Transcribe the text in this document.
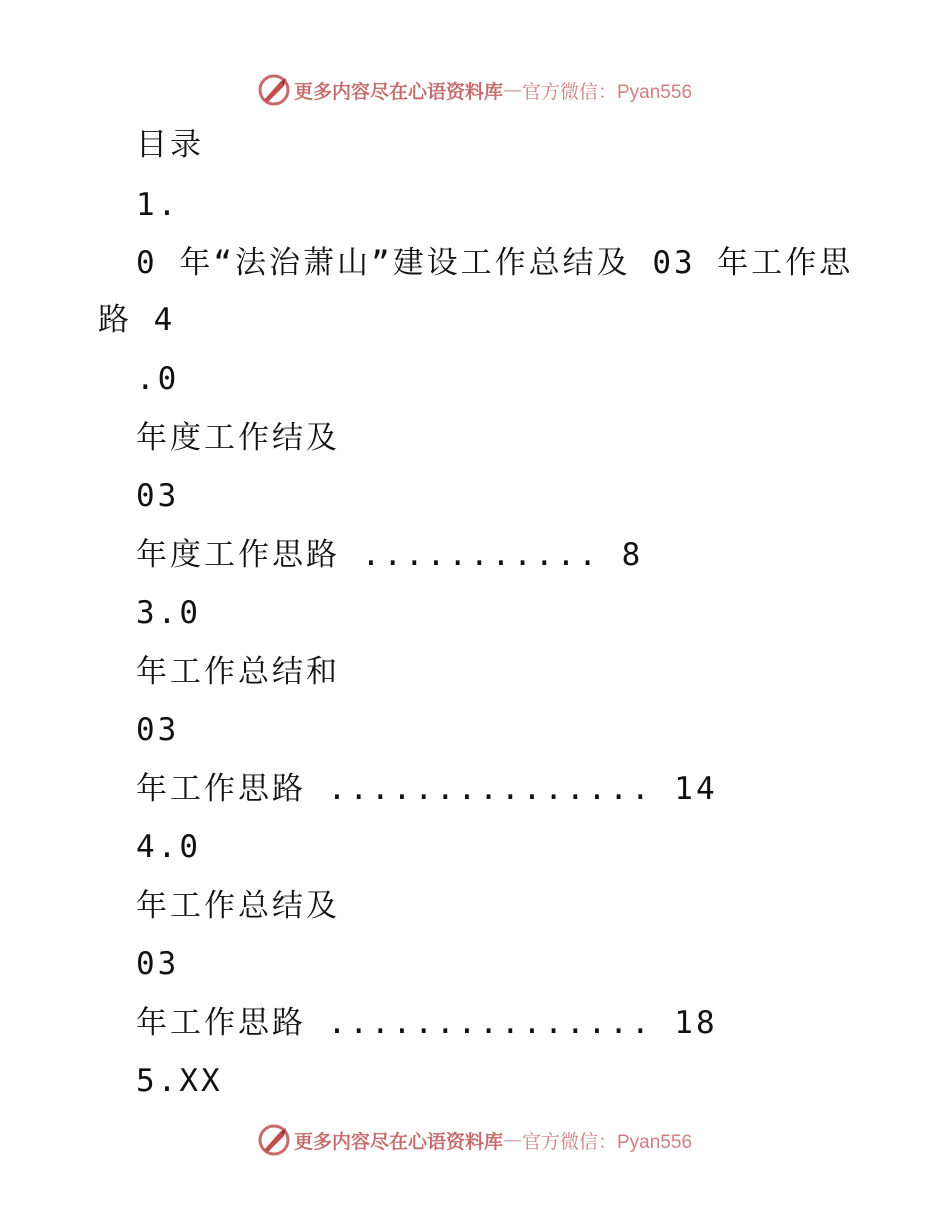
更多内容尽在心语资料库 — 官方微信：Pyan556
目录
1.
0 年“法治萧山”建设工作总结及 03 年工作思
路 4
.0
年度工作结及
03
年度工作思路 ........... 8
3.0
年工作总结和
03
年工作思路 ............... 14
4.0
年工作总结及
03
年工作思路 ............... 18
5.XX
更多内容尽在心语资料库 — 官方微信：Pyan556
